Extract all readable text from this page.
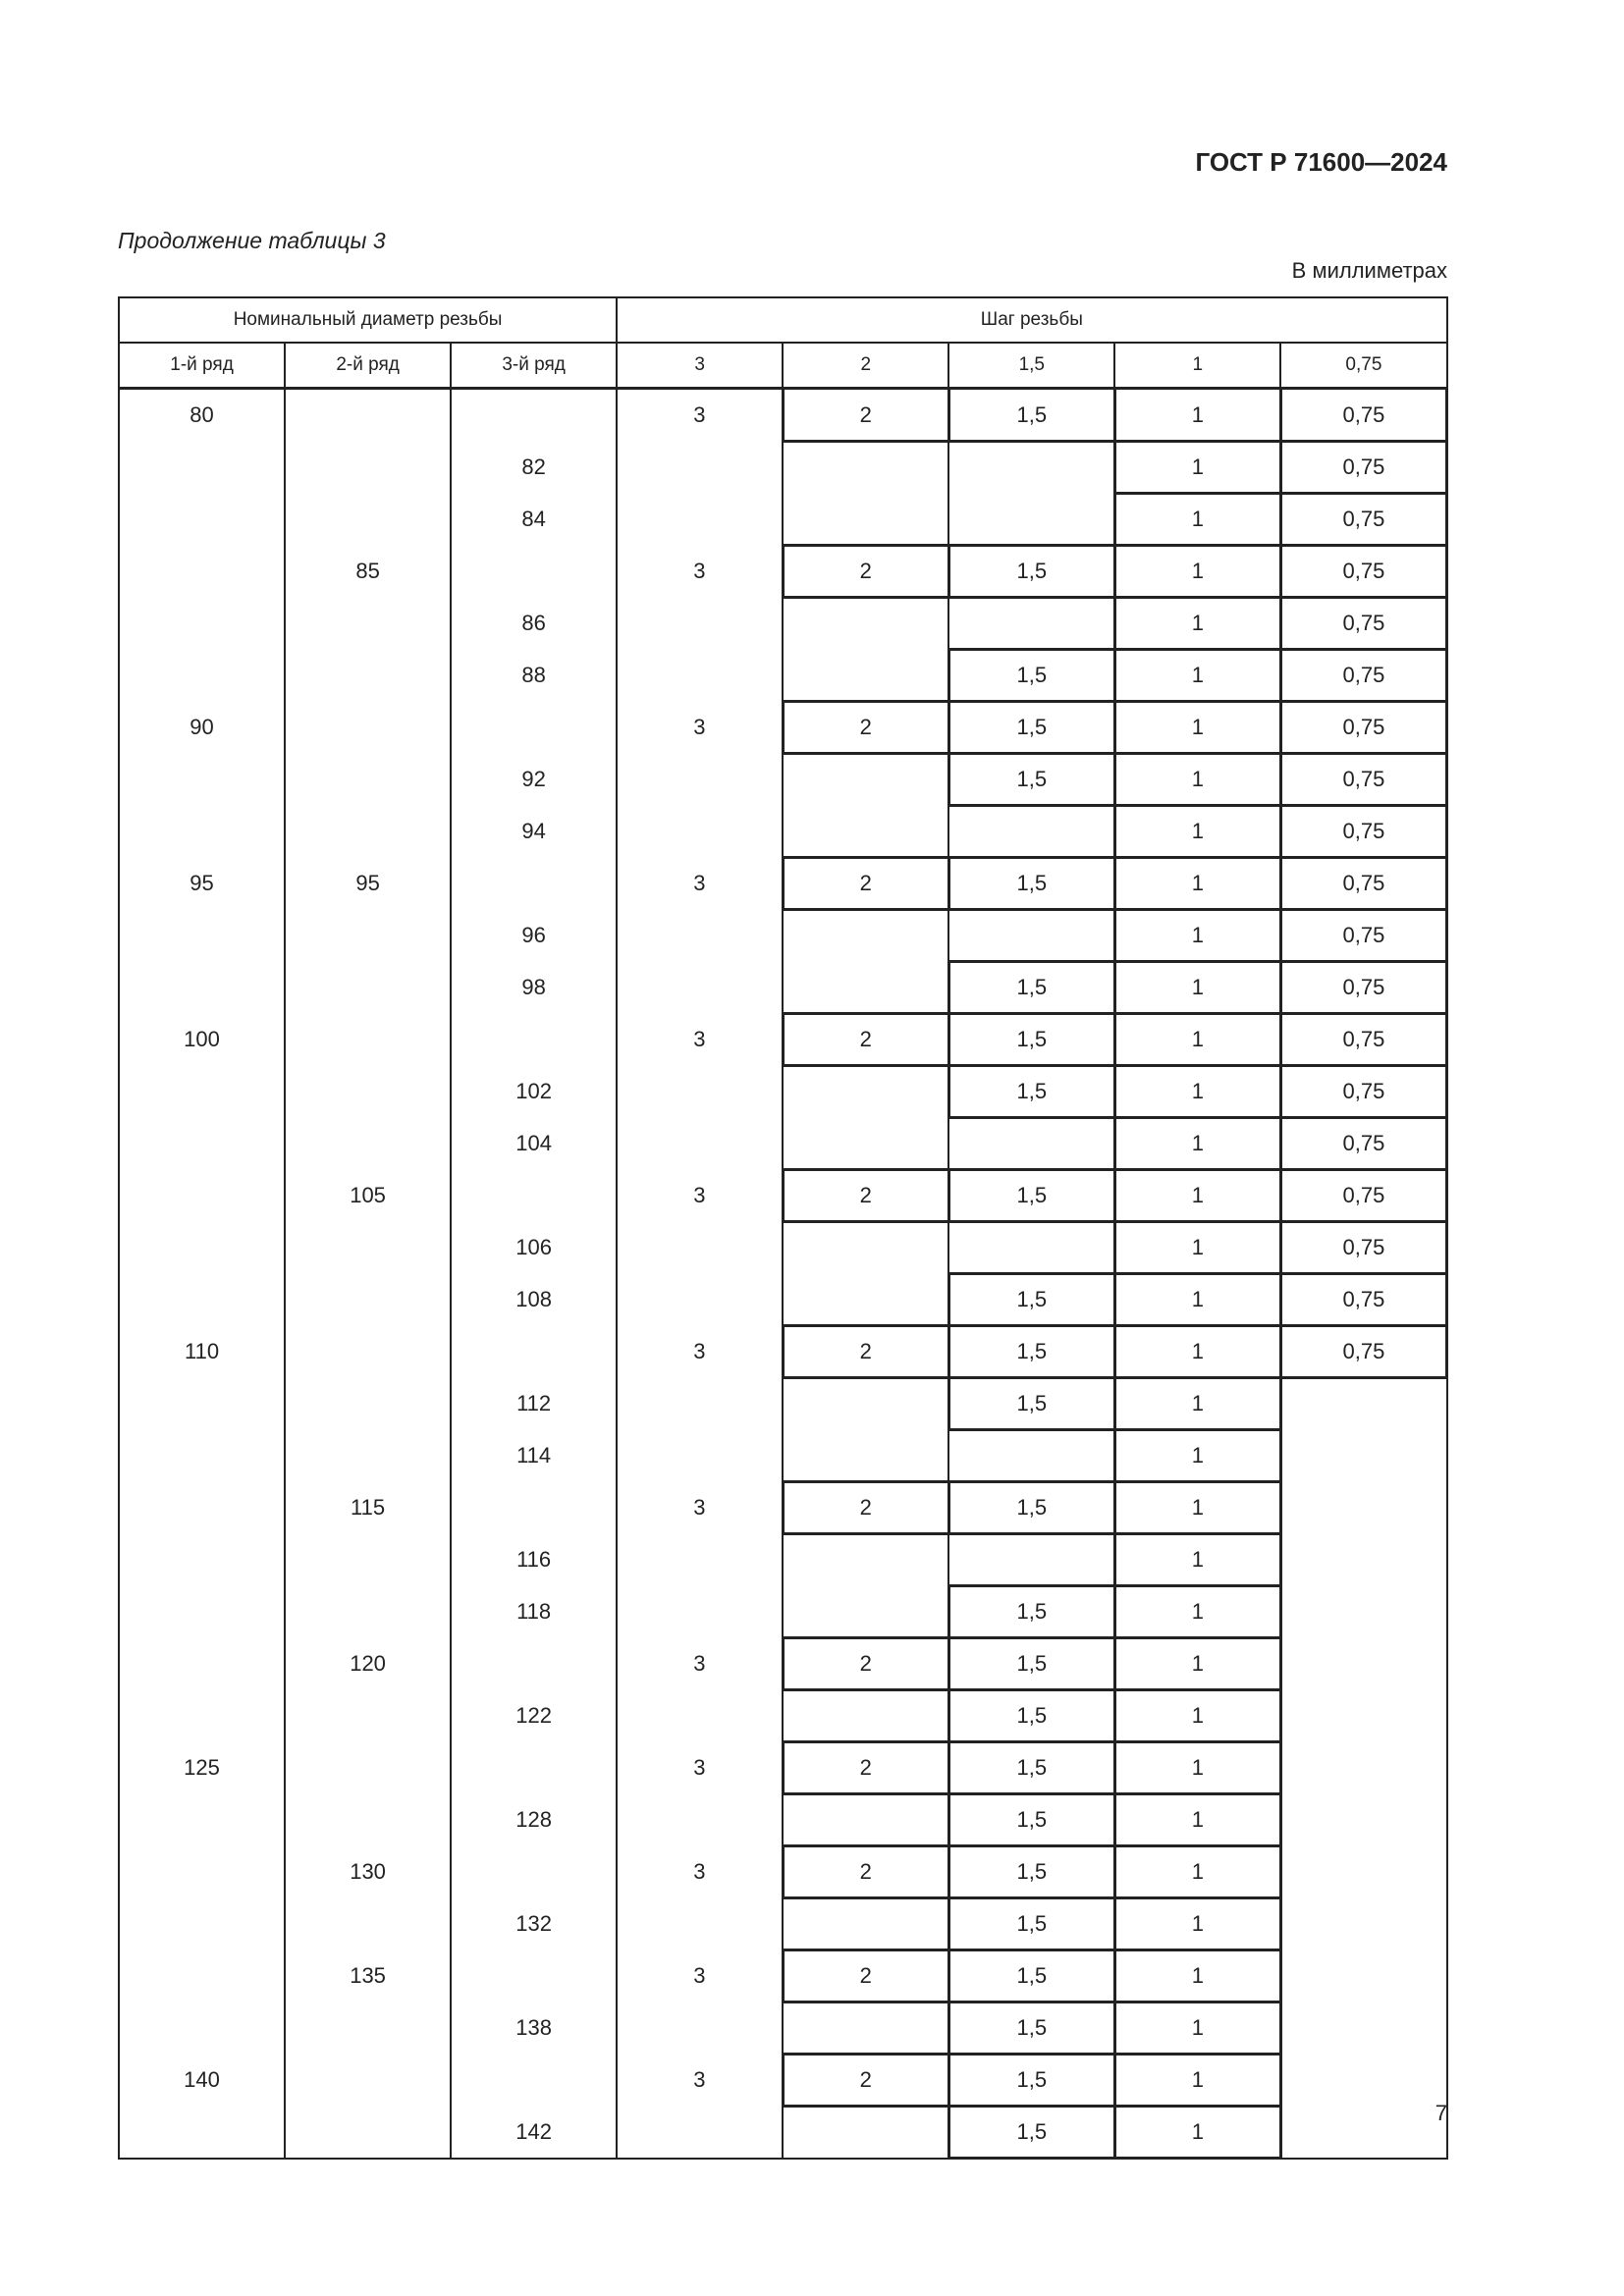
ГОСТ Р 71600—2024
Продолжение таблицы 3
В миллиметрах
Номинальный диаметр резьбы			Шаг резьбы				
1-й ряд	2-й ряд	3-й ряд	3	2	1,5	1	0,75
80			3	2	1,5	1	0,75
		82				1	0,75
		84				1	0,75
	85		3	2	1,5	1	0,75
		86				1	0,75
		88			1,5	1	0,75
90			3	2	1,5	1	0,75
		92			1,5	1	0,75
		94				1	0,75
95	95		3	2	1,5	1	0,75
		96				1	0,75
		98			1,5	1	0,75
100			3	2	1,5	1	0,75
		102			1,5	1	0,75
		104				1	0,75
	105		3	2	1,5	1	0,75
		106				1	0,75
		108			1,5	1	0,75
110			3	2	1,5	1	0,75
		112			1,5	1	
		114				1	
	115		3	2	1,5	1	
		116				1	
		118			1,5	1	
	120		3	2	1,5	1	
		122			1,5	1	
125			3	2	1,5	1	
		128			1,5	1	
	130		3	2	1,5	1	
		132			1,5	1	
	135		3	2	1,5	1	
		138			1,5	1	
140			3	2	1,5	1	
		142			1,5	1	
7
